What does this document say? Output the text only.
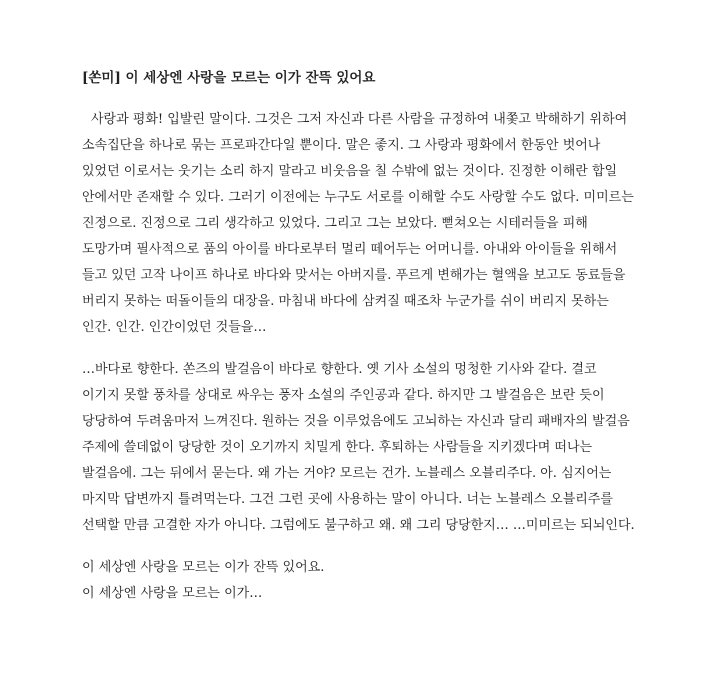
[쏜미] 이 세상엔 사랑을 모르는 이가 잔뜩 있어요
사랑과 평화! 입발린 말이다. 그것은 그저 자신과 다른 사람을 규정하여 내쫓고 박해하기 위하여
소속집단을 하나로 묶는 프로파간다일 뿐이다. 말은 좋지. 그 사랑과 평화에서 한동안 벗어나
있었던 이로서는 웃기는 소리 하지 말라고 비웃음을 칠 수밖에 없는 것이다. 진정한 이해란 합일
안에서만 존재할 수 있다. 그러기 이전에는 누구도 서로를 이해할 수도 사랑할 수도 없다. 미미르는
진정으로. 진정으로 그리 생각하고 있었다. 그리고 그는 보았다. 뻗쳐오는 시테러들을 피해
도망가며 필사적으로 품의 아이를 바다로부터 멀리 떼어두는 어머니를. 아내와 아이들을 위해서
들고 있던 고작 나이프 하나로 바다와 맞서는 아버지를. 푸르게 변해가는 혈액을 보고도 동료들을
버리지 못하는 떠돌이들의 대장을. 마침내 바다에 삼켜질 때조차 누군가를 쉬이 버리지 못하는
인간. 인간. 인간이었던 것들을…
…바다로 향한다. 쏜즈의 발걸음이 바다로 향한다. 옛 기사 소설의 멍청한 기사와 같다. 결코
이기지 못할 풍차를 상대로 싸우는 풍자 소설의 주인공과 같다. 하지만 그 발걸음은 보란 듯이
당당하여 두려움마저 느껴진다. 원하는 것을 이루었음에도 고뇌하는 자신과 달리 패배자의 발걸음
주제에 쓸데없이 당당한 것이 오기까지 치밀게 한다. 후퇴하는 사람들을 지키겠다며 떠나는
발걸음에. 그는 뒤에서 묻는다. 왜 가는 거야? 모르는 건가. 노블레스 오블리주다. 아. 심지어는
마지막 답변까지 틀려먹는다. 그건 그런 곳에 사용하는 말이 아니다. 너는 노블레스 오블리주를
선택할 만큼 고결한 자가 아니다. 그럼에도 불구하고 왜. 왜 그리 당당한지… …미미르는 되뇌인다.
이 세상엔 사랑을 모르는 이가 잔뜩 있어요.
이 세상엔 사랑을 모르는 이가…
